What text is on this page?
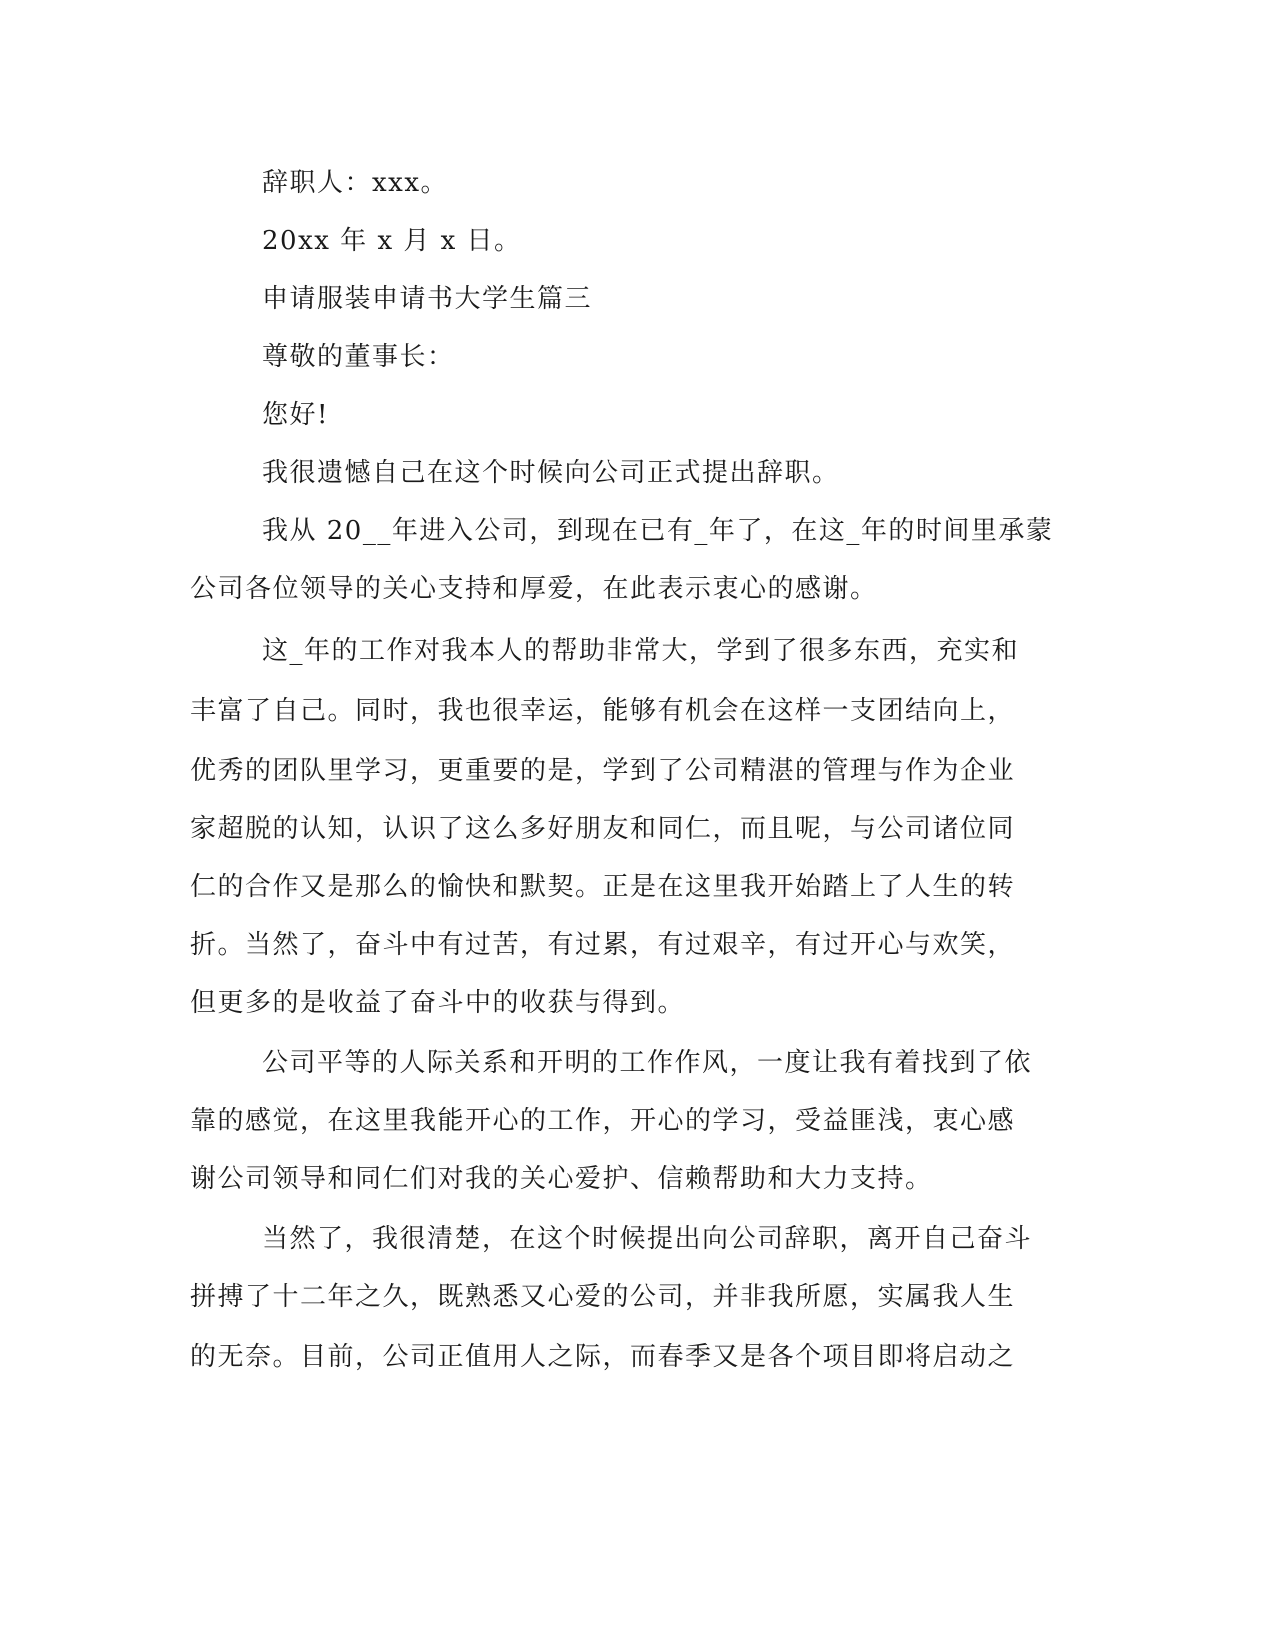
辞职人：xxx。
20xx 年 x 月 x 日。
申请服装申请书大学生篇三
尊敬的董事长：
您好!
我很遗憾自己在这个时候向公司正式提出辞职。
我从 20__年进入公司，到现在已有_年了，在这_年的时间里承蒙
公司各位领导的关心支持和厚爱，在此表示衷心的感谢。
这_年的工作对我本人的帮助非常大，学到了很多东西，充实和
丰富了自己。同时，我也很幸运，能够有机会在这样一支团结向上，
优秀的团队里学习，更重要的是，学到了公司精湛的管理与作为企业
家超脱的认知，认识了这么多好朋友和同仁，而且呢，与公司诸位同
仁的合作又是那么的愉快和默契。正是在这里我开始踏上了人生的转
折。当然了，奋斗中有过苦，有过累，有过艰辛，有过开心与欢笑，
但更多的是收益了奋斗中的收获与得到。
公司平等的人际关系和开明的工作作风，一度让我有着找到了依
靠的感觉，在这里我能开心的工作，开心的学习，受益匪浅，衷心感
谢公司领导和同仁们对我的关心爱护、信赖帮助和大力支持。
当然了，我很清楚，在这个时候提出向公司辞职，离开自己奋斗
拼搏了十二年之久，既熟悉又心爱的公司，并非我所愿，实属我人生
的无奈。目前，公司正值用人之际，而春季又是各个项目即将启动之
